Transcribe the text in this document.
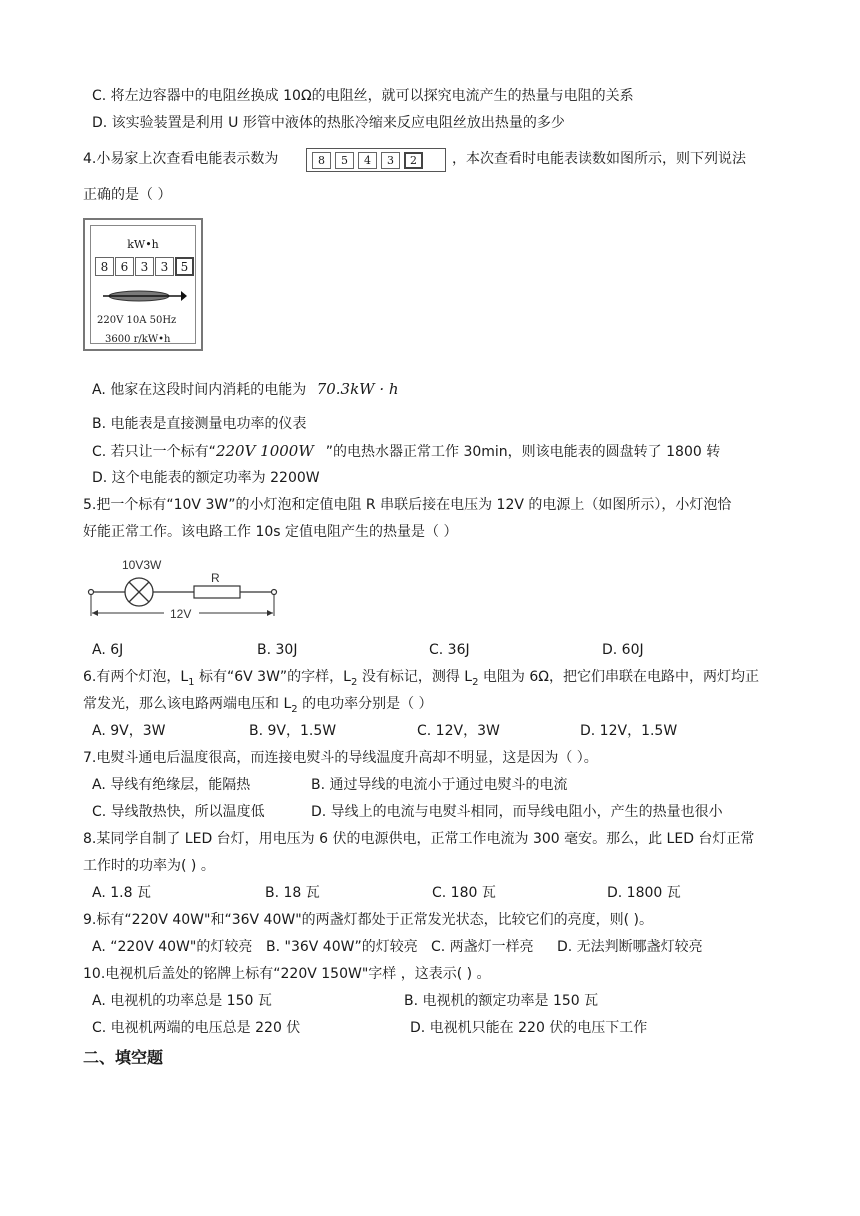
C. 将左边容器中的电阻丝换成 10Ω的电阻丝，就可以探究电流产生的热量与电阻的关系
D. 该实验装置是利用 U 形管中液体的热胀冷缩来反应电阻丝放出热量的多少
4.小易家上次查看电能表示数为	8	5	4	3	2	，本次查看时电能表读数如图所示，则下列说法
正确的是（ ）
kW•h
8	6	3	3	5
220V 10A 50Hz
3600 r/kW•h
A. 他家在这段时间内消耗的电能为 70.3kW · h
B. 电能表是直接测量电功率的仪表
C. 若只让一个标有“220V 1000W ”的电热水器正常工作 30min，则该电能表的圆盘转了 1800 转
D. 这个电能表的额定功率为 2200W
5.把一个标有“10V 3W”的小灯泡和定值电阻 R 串联后接在电压为 12V 的电源上（如图所示），小灯泡恰
好能正常工作。该电路工作 10s 定值电阻产生的热量是（ ）
10V3W
R
12V
A. 6J	B. 30J	C. 36J	D. 60J
6.有两个灯泡，$L_1$ 标有“6V 3W”的字样，$L_2$ 没有标记，测得 $L_2$ 电阻为 6Ω，把它们串联在电路中，两灯均正
常发光，那么该电路两端电压和 $L_2$ 的电功率分别是（ ）
A. 9V，3W	B. 9V，1.5W	C. 12V，3W	D. 12V，1.5W
7.电熨斗通电后温度很高，而连接电熨斗的导线温度升高却不明显，这是因为（ ）。
A. 导线有绝缘层，能隔热	B. 通过导线的电流小于通过电熨斗的电流
C. 导线散热快，所以温度低	D. 导线上的电流与电熨斗相同，而导线电阻小，产生的热量也很小
8.某同学自制了 LED 台灯，用电压为 6 伏的电源供电，正常工作电流为 300 毫安。那么，此 LED 台灯正常
工作时的功率为( ) 。
A. 1.8 瓦	B. 18 瓦	C. 180 瓦	D. 1800 瓦
9.标有“220V 40W"和“36V 40W"的两盏灯都处于正常发光状态，比较它们的亮度，则( )。
A. “220V 40W"的灯较亮 B. "36V 40W”的灯较亮 C. 两盏灯一样亮 D. 无法判断哪盏灯较亮
10.电视机后盖处的铭牌上标有“220V 150W"字样 ，这表示( ) 。
A. 电视机的功率总是 150 瓦	B. 电视机的额定功率是 150 瓦
C. 电视机两端的电压总是 220 伏	D. 电视机只能在 220 伏的电压下工作
二、填空题
